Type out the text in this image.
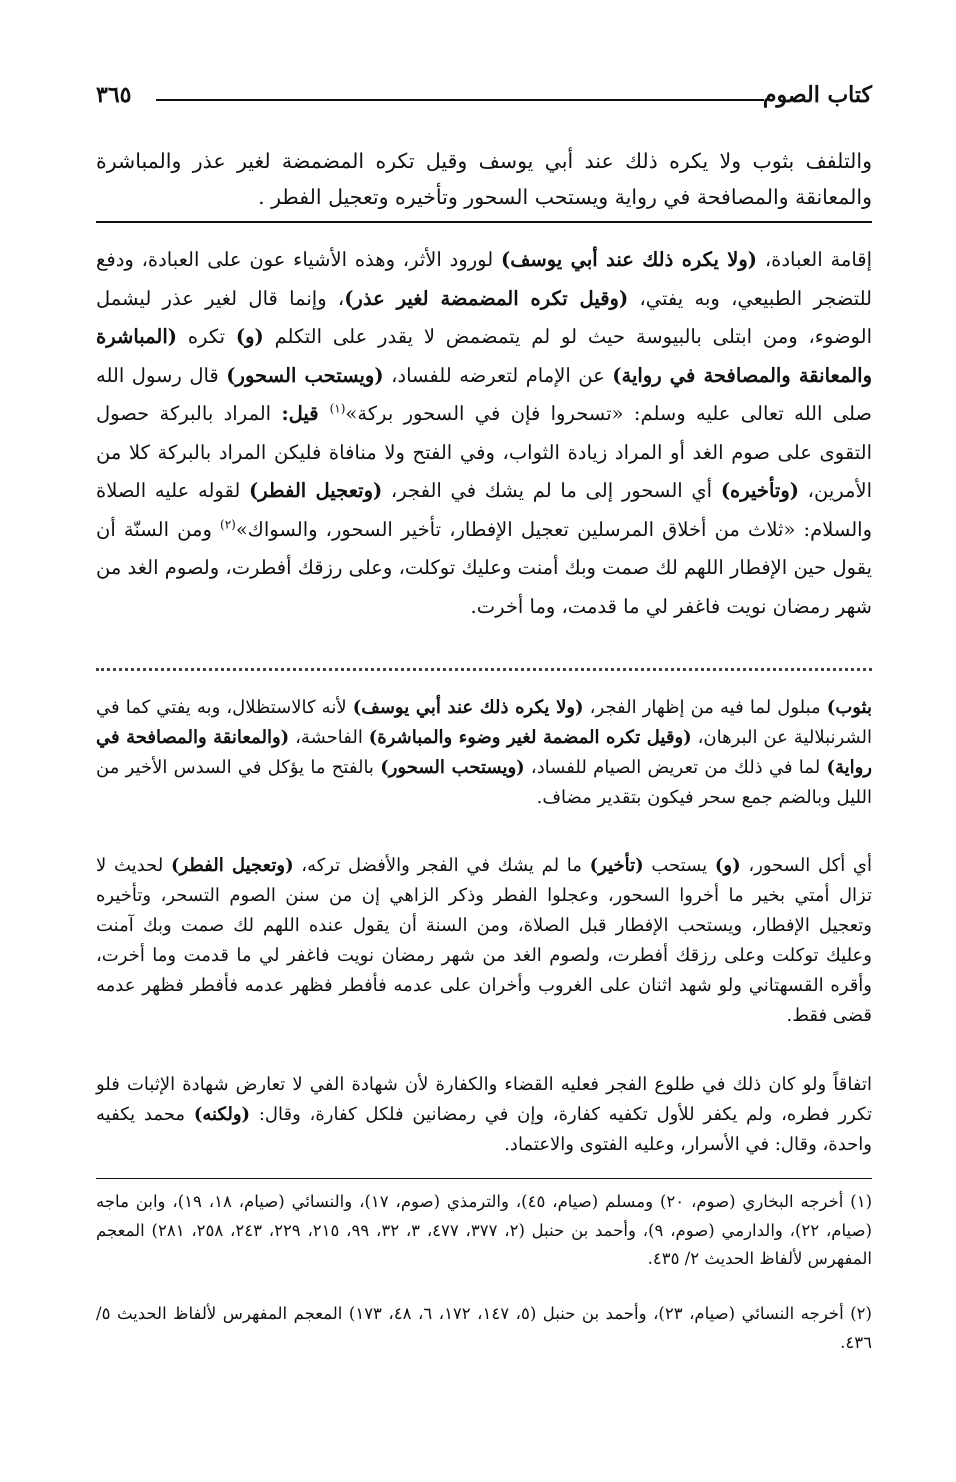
كتاب الصوم
٣٦٥
والتلفف بثوب ولا يكره ذلك عند أبي يوسف وقيل تكره المضمضة لغير عذر والمباشرة والمعانقة والمصافحة في رواية ويستحب السحور وتأخيره وتعجيل الفطر .
إقامة العبادة، (ولا يكره ذلك عند أبي يوسف) لورود الأثر، وهذه الأشياء عون على العبادة، ودفع للتضجر الطبيعي، وبه يفتي، (وقيل تكره المضمضة لغير عذر)، وإنما قال لغير عذر ليشمل الوضوء، ومن ابتلى بالبيوسة حيث لو لم يتمضمض لا يقدر على التكلم (و) تكره (المباشرة والمعانقة والمصافحة في رواية) عن الإمام لتعرضه للفساد، (ويستحب السحور) قال رسول الله صلى الله تعالى عليه وسلم: «تسحروا فإن في السحور بركة»$^{(١)}$ قيل: المراد بالبركة حصول التقوى على صوم الغد أو المراد زيادة الثواب، وفي الفتح ولا منافاة فليكن المراد بالبركة كلا من الأمرين، (وتأخيره) أي السحور إلى ما لم يشك في الفجر، (وتعجيل الفطر) لقوله عليه الصلاة والسلام: «ثلاث من أخلاق المرسلين تعجيل الإفطار، تأخير السحور، والسواك»$^{(٢)}$ ومن السنّة أن يقول حين الإفطار اللهم لك صمت وبك أمنت وعليك توكلت، وعلى رزقك أفطرت، ولصوم الغد من شهر رمضان نويت فاغفر لي ما قدمت، وما أخرت.
بثوب) مبلول لما فيه من إظهار الفجر، (ولا يكره ذلك عند أبي يوسف) لأنه كالاستظلال، وبه يفتي كما في الشرنبلالية عن البرهان، (وقيل تكره المضمة لغير وضوء والمباشرة) الفاحشة، (والمعانقة والمصافحة في رواية) لما في ذلك من تعريض الصيام للفساد، (ويستحب السحور) بالفتح ما يؤكل في السدس الأخير من الليل وبالضم جمع سحر فيكون بتقدير مضاف.
أي أكل السحور، (و) يستحب (تأخير) ما لم يشك في الفجر والأفضل تركه، (وتعجيل الفطر) لحديث لا تزال أمتي بخير ما أخروا السحور، وعجلوا الفطر وذكر الزاهي إن من سنن الصوم التسحر، وتأخيره وتعجيل الإفطار، ويستحب الإفطار قبل الصلاة، ومن السنة أن يقول عنده اللهم لك صمت وبك آمنت وعليك توكلت وعلى رزقك أفطرت، ولصوم الغد من شهر رمضان نويت فاغفر لي ما قدمت وما أخرت، وأقره القسهتاني ولو شهد اثنان على الغروب وأخران على عدمه فأفطر فظهر عدمه فأفطر فظهر عدمه قضى فقط.
اتفاقاً ولو كان ذلك في طلوع الفجر فعليه القضاء والكفارة لأن شهادة الفي لا تعارض شهادة الإثبات فلو تكرر فطره، ولم يكفر للأول تكفيه كفارة، وإن في رمضانين فلكل كفارة، وقال: (ولكنه) محمد يكفيه واحدة، وقال: في الأسرار، وعليه الفتوى والاعتماد.
(١) أخرجه البخاري (صوم، ٢٠) ومسلم (صيام، ٤٥)، والترمذي (صوم، ١٧)، والنسائي (صيام، ١٨، ١٩)، وابن ماجه (صيام، ٢٢)، والدارمي (صوم، ٩)، وأحمد بن حنبل (٢، ٣٧٧، ٤٧٧، ٣، ٣٢، ٩٩، ٢١٥، ٢٢٩، ٢٤٣، ٢٥٨، ٢٨١) المعجم المفهرس لألفاظ الحديث ٢/ ٤٣٥.
(٢) أخرجه النسائي (صيام، ٢٣)، وأحمد بن حنبل (٥، ١٤٧، ١٧٢، ٦، ٤٨، ١٧٣) المعجم المفهرس لألفاظ الحديث ٥/ ٤٣٦.
